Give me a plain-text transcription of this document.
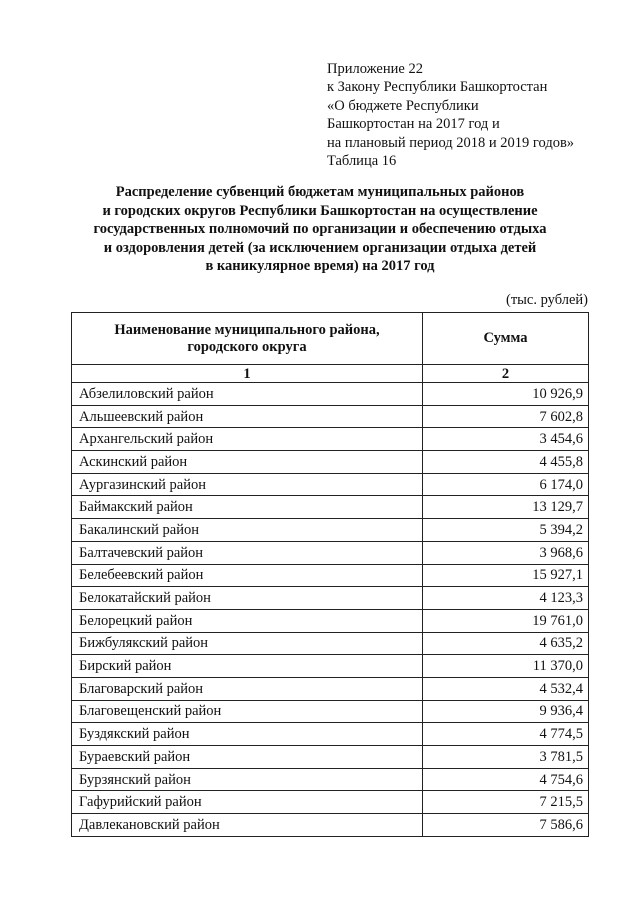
Приложение 22
к Закону Республики Башкортостан
«О бюджете Республики
Башкортостан на 2017 год и
на плановый период 2018 и 2019 годов»
Таблица 16
Распределение субвенций бюджетам муниципальных районов
и городских округов Республики Башкортостан на осуществление
государственных полномочий по организации и обеспечению отдыха
и оздоровления детей (за исключением организации отдыха детей
в каникулярное время) на 2017 год
(тыс. рублей)
Наименование муниципального района,
городского округа	Сумма
1	2
Абзелиловский район	10 926,9
Альшеевский район	7 602,8
Архангельский район	3 454,6
Аскинский район	4 455,8
Аургазинский район	6 174,0
Баймакский район	13 129,7
Бакалинский район	5 394,2
Балтачевский район	3 968,6
Белебеевский район	15 927,1
Белокатайский район	4 123,3
Белорецкий район	19 761,0
Бижбулякский район	4 635,2
Бирский район	11 370,0
Благоварский район	4 532,4
Благовещенский район	9 936,4
Буздякский район	4 774,5
Бураевский район	3 781,5
Бурзянский район	4 754,6
Гафурийский район	7 215,5
Давлекановский район	7 586,6
